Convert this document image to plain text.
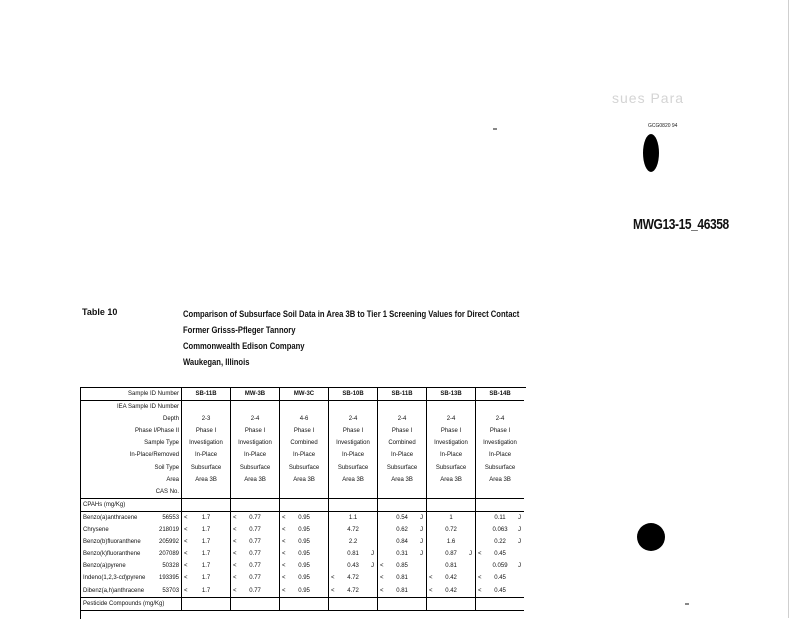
sues Para
GCG0820 94
MWG13-15_46358
Table 10	Comparison of Subsurface Soil Data in Area 3B to Tier 1 Screening Values for Direct Contact
Former Grisss-Pfleger Tannory
Commonwealth Edison Company
Waukegan, Illinois
Sample ID Number		SB-11B	MW-3B	MW-3C	SB-10B	SB-11B	SB-13B	SB-14B
IEA Sample ID Number								
Depth		2-3	2-4	4-6	2-4	2-4	2-4	2-4
Phase I/Phase II		Phase I	Phase I	Phase I	Phase I	Phase I	Phase I	Phase I
Sample Type		Investigation	Investigation	Combined	Investigation	Combined	Investigation	Investigation
In-Place/Removed		In-Place	In-Place	In-Place	In-Place	In-Place	In-Place	In-Place
Soil Type		Subsurface	Subsurface	Subsurface	Subsurface	Subsurface	Subsurface	Subsurface
Area		Area 3B	Area 3B	Area 3B	Area 3B	Area 3B	Area 3B	Area 3B
CAS No.								
CPAHs (mg/Kg)								
Benzo(a)anthracene	56553	< 1.7	< 0.77	< 0.95	1.1	0.54 J	1	0.11 J

Chrysene	218019	< 1.7	< 0.77	< 0.95	4.72	0.62 J	0.72	0.063 J

Benzo(b)fluoranthene	205992	< 1.7	< 0.77	< 0.95	2.2	0.84 J	1.6	0.22 J

Benzo(k)fluoranthene	207089	< 1.7	< 0.77	< 0.95	0.81 J	0.31 J	0.87 J	< 0.45

Benzo(a)pyrene	50328	< 1.7	< 0.77	< 0.95	0.43 J	< 0.85	0.81	0.059 J

Indeno(1,2,3-cd)pyrene	193395	< 1.7	< 0.77	< 0.95	< 4.72	< 0.81	< 0.42	< 0.45

Dibenz(a,h)anthracene	53703	< 1.7	< 0.77	< 0.95	< 4.72	< 0.81	< 0.42	< 0.45

Pesticide Compounds (mg/Kg)								
